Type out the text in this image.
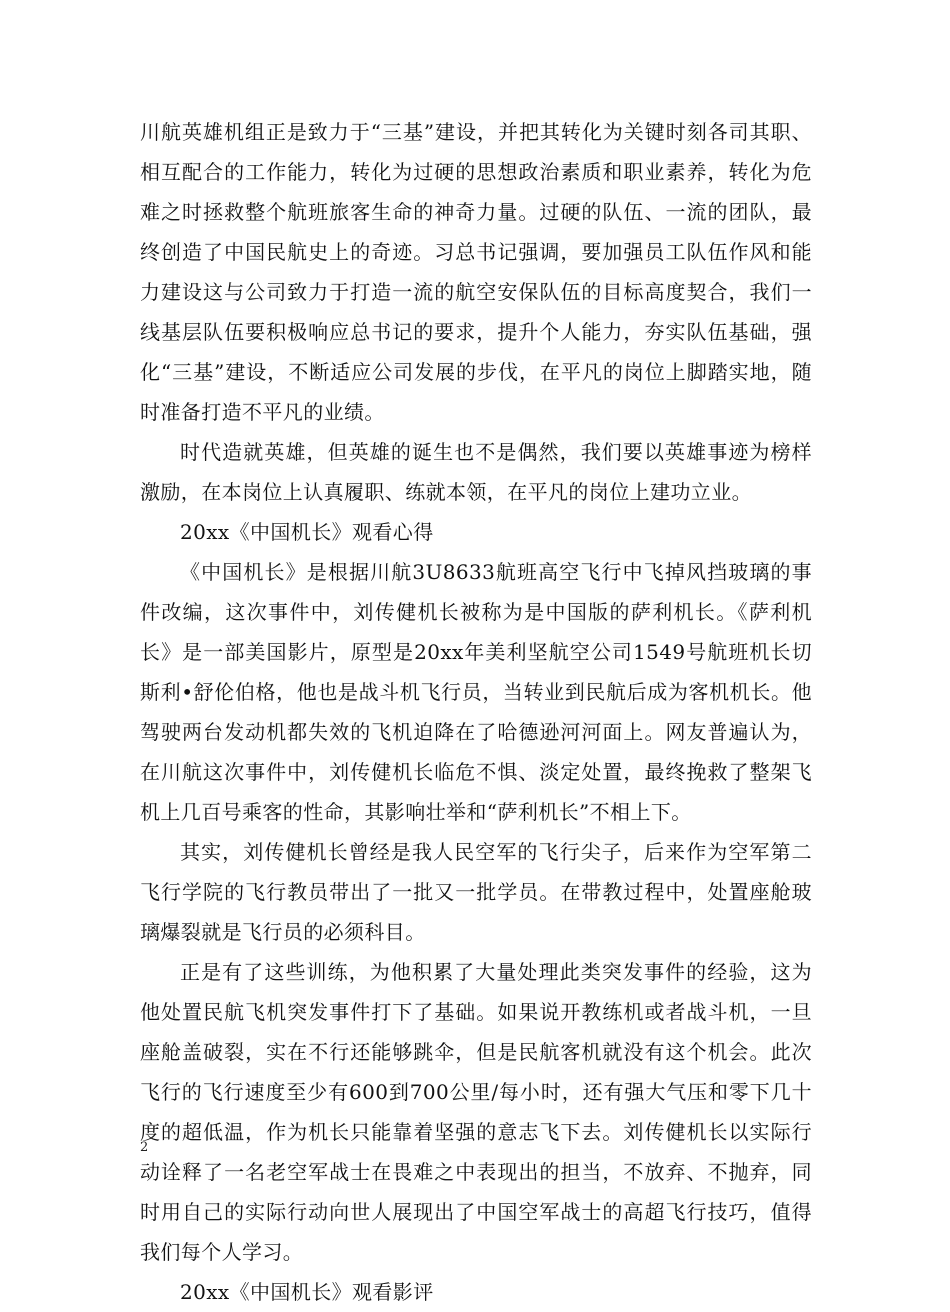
川航英雄机组正是致力于“三基”建设，并把其转化为关键时刻各司其职、相互配合的工作能力，转化为过硬的思想政治素质和职业素养，转化为危难之时拯救整个航班旅客生命的神奇力量。过硬的队伍、一流的团队，最终创造了中国民航史上的奇迹。习总书记强调，要加强员工队伍作风和能力建设这与公司致力于打造一流的航空安保队伍的目标高度契合，我们一线基层队伍要积极响应总书记的要求，提升个人能力，夯实队伍基础，强化“三基”建设，不断适应公司发展的步伐，在平凡的岗位上脚踏实地，随时准备打造不平凡的业绩。

时代造就英雄，但英雄的诞生也不是偶然，我们要以英雄事迹为榜样激励，在本岗位上认真履职、练就本领，在平凡的岗位上建功立业。

20xx《中国机长》观看心得

《中国机长》是根据川航3U8633航班高空飞行中飞掉风挡玻璃的事件改编，这次事件中，刘传健机长被称为是中国版的萨利机长。《萨利机长》是一部美国影片，原型是20xx年美利坚航空公司1549号航班机长切斯利•舒伦伯格，他也是战斗机飞行员，当转业到民航后成为客机机长。他驾驶两台发动机都失效的飞机迫降在了哈德逊河河面上。网友普遍认为，在川航这次事件中，刘传健机长临危不惧、淡定处置，最终挽救了整架飞机上几百号乘客的性命，其影响壮举和“萨利机长”不相上下。

其实，刘传健机长曾经是我人民空军的飞行尖子，后来作为空军第二飞行学院的飞行教员带出了一批又一批学员。在带教过程中，处置座舱玻璃爆裂就是飞行员的必须科目。

正是有了这些训练，为他积累了大量处理此类突发事件的经验，这为他处置民航飞机突发事件打下了基础。如果说开教练机或者战斗机，一旦座舱盖破裂，实在不行还能够跳伞，但是民航客机就没有这个机会。此次飞行的飞行速度至少有600到700公里/每小时，还有强大气压和零下几十度的超低温，作为机长只能靠着坚强的意志飞下去。刘传健机长以实际行动诠释了一名老空军战士在畏难之中表现出的担当，不放弃、不抛弃，同时用自己的实际行动向世人展现出了中国空军战士的高超飞行技巧，值得我们每个人学习。

20xx《中国机长》观看影评

2
